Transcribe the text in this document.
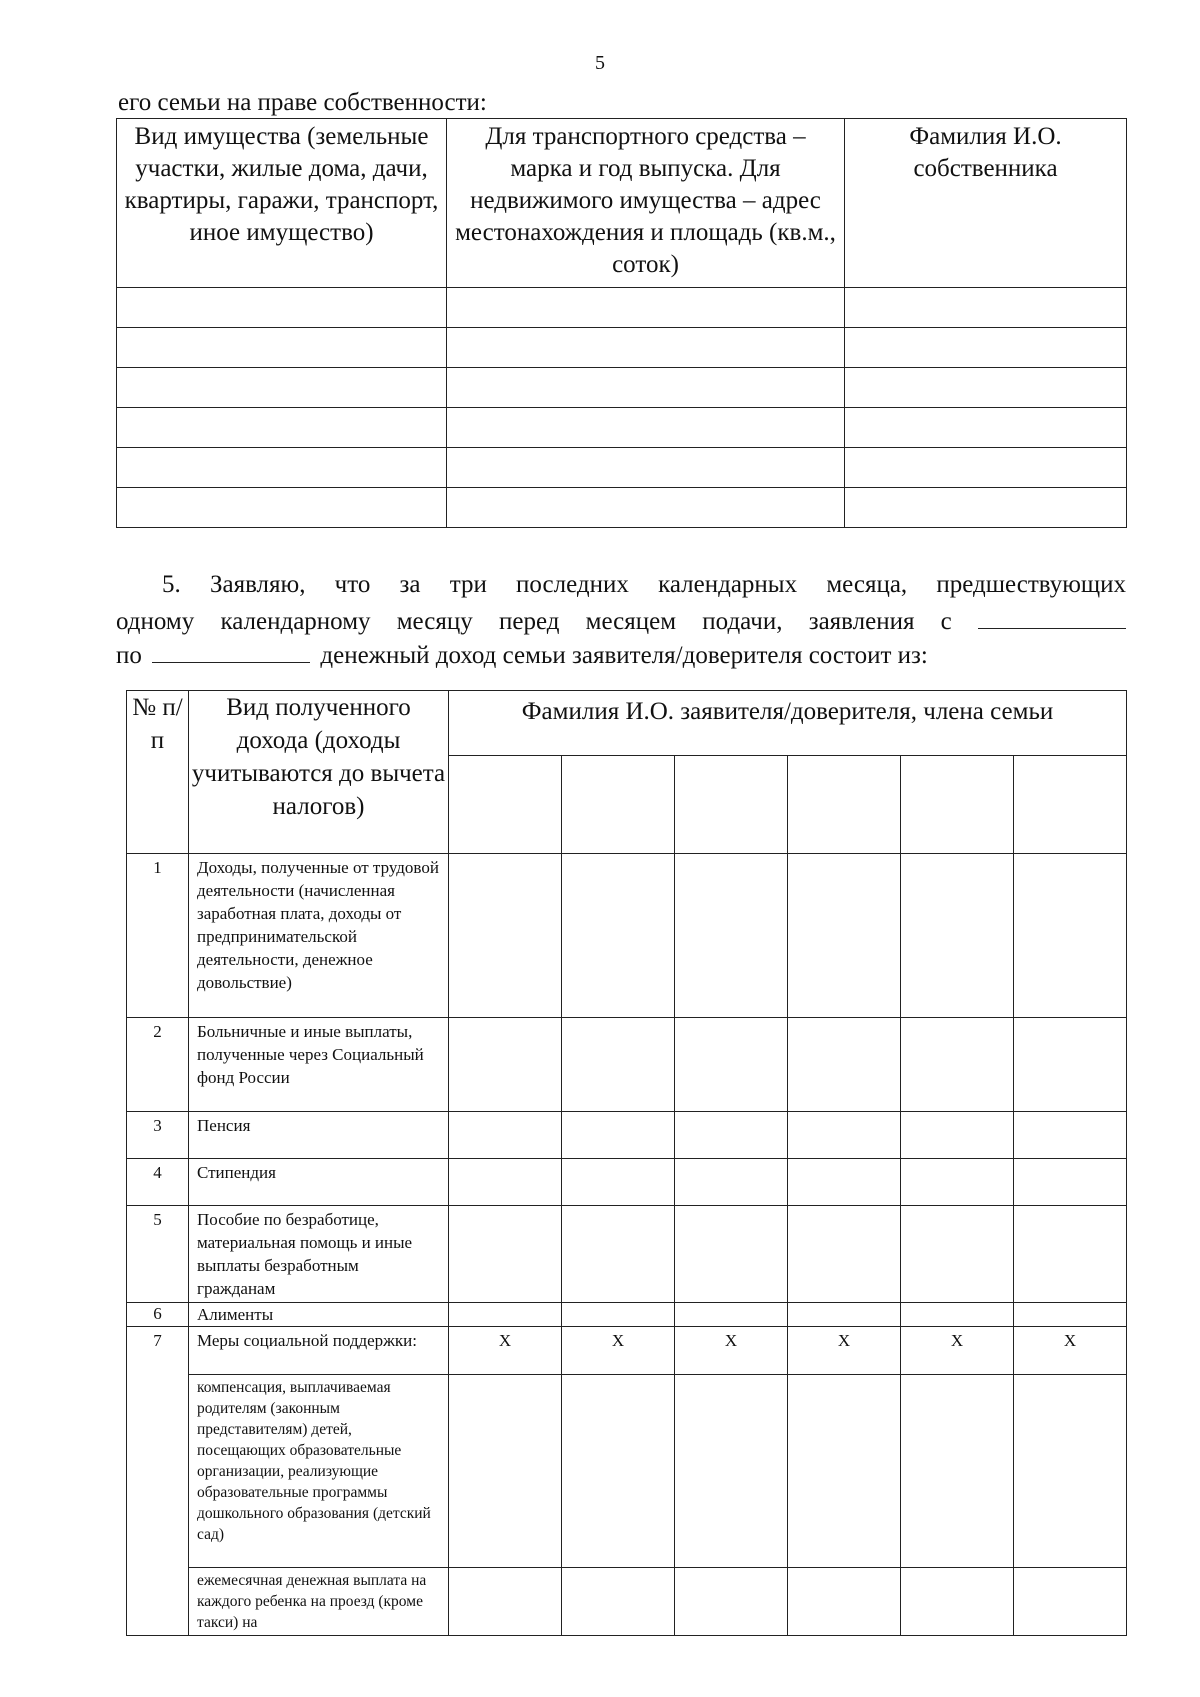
5
его семьи на праве собственности:
Вид имущества (земельные участки, жилые дома, дачи, квартиры, гаражи, транспорт, иное имущество)	Для транспортного средства – марка и год выпуска. Для недвижимого имущества – адрес местонахождения и площадь (кв.м., соток)	Фамилия И.О. собственника

5. Заявляю, что за три последних календарных месяца, предшествующих
одному календарному месяцу перед месяцем подачи, заявления с
по	денежный доход семьи заявителя/доверителя состоит из:
№ п/п	Вид полученного дохода (доходы учитываются до вычета налогов)	Фамилия И.О. заявителя/доверителя, члена семьи					

1	Доходы, полученные от трудовой деятельности (начисленная заработная плата, доходы от предпринимательской деятельности, денежное довольствие)						
2	Больничные и иные выплаты, полученные через Социальный фонд России						
3	Пенсия						
4	Стипендия						
5	Пособие по безработице, материальная помощь и иные выплаты безработным гражданам						
6	Алименты						
7	Меры социальной поддержки:	X	X	X	X	X	X
	компенсация, выплачиваемая родителям (законным представителям) детей, посещающих образовательные организации, реализующие образовательные программы дошкольного образования (детский сад)						
	ежемесячная денежная выплата на каждого ребенка на проезд (кроме такси) на						
